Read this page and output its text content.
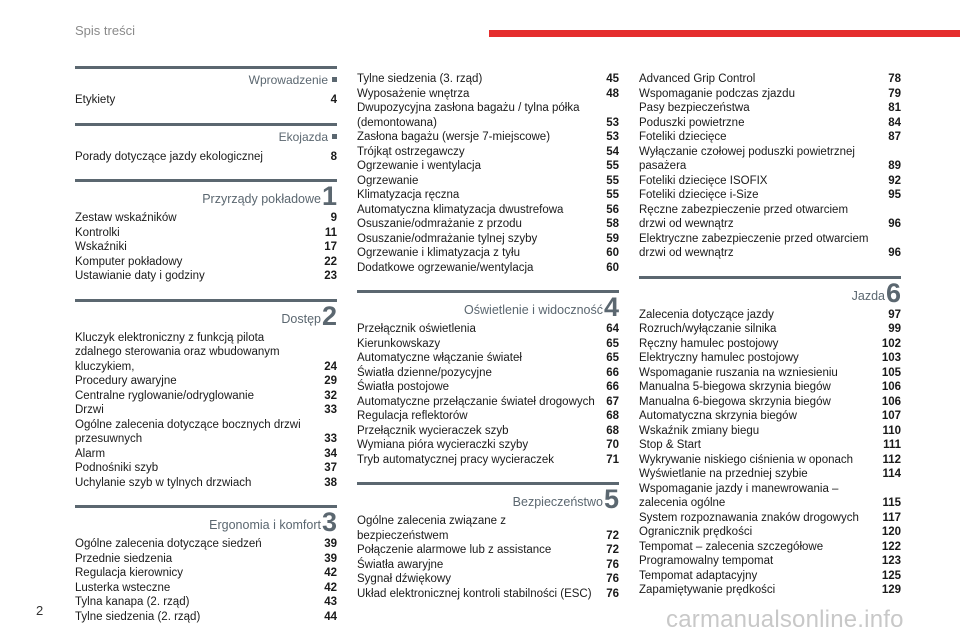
Spis treści
Wprowadzenie
Etykiety	4
Ekojazda
Porady dotyczące jazdy ekologicznej	8
Przyrządy pokładowe 1
Zestaw wskaźników	9
Kontrolki	11
Wskaźniki	17
Komputer pokładowy	22
Ustawianie daty i godziny	23
Dostęp 2
Kluczyk elektroniczny z funkcją pilota zdalnego sterowania oraz wbudowanym kluczykiem,	24
Procedury awaryjne	29
Centralne ryglowanie/odryglowanie	32
Drzwi	33
Ogólne zalecenia dotyczące bocznych drzwi przesuwnych	33
Alarm	34
Podnośniki szyb	37
Uchylanie szyb w tylnych drzwiach	38
Ergonomia i komfort 3
Ogólne zalecenia dotyczące siedzeń	39
Przednie siedzenia	39
Regulacja kierownicy	42
Lusterka wsteczne	42
Tylna kanapa (2. rząd)	43
Tylne siedzenia (2. rząd)	44
Tylne siedzenia (3. rząd)	45
Wyposażenie wnętrza	48
Dwupozycyjna zasłona bagażu / tylna półka (demontowana)	53
Zasłona bagażu (wersje 7-miejscowe)	53
Trójkąt ostrzegawczy	54
Ogrzewanie i wentylacja	55
Ogrzewanie	55
Klimatyzacja ręczna	55
Automatyczna klimatyzacja dwustrefowa	56
Osuszanie/odmrażanie z przodu	58
Osuszanie/odmrażanie tylnej szyby	59
Ogrzewanie i klimatyzacja z tyłu	60
Dodatkowe ogrzewanie/wentylacja	60
Oświetlenie i widoczność 4
Przełącznik oświetlenia	64
Kierunkowskazy	65
Automatyczne włączanie świateł	65
Światła dzienne/pozycyjne	66
Światła postojowe	66
Automatyczne przełączanie świateł drogowych 67
Regulacja reflektorów	68
Przełącznik wycieraczek szyb	68
Wymiana pióra wycieraczki szyby	70
Tryb automatycznej pracy wycieraczek	71
Bezpieczeństwo 5
Ogólne zalecenia związane z bezpieczeństwem	72
Połączenie alarmowe lub z assistance	72
Światła awaryjne	76
Sygnał dźwiękowy	76
Układ elektronicznej kontroli stabilności (ESC)	76
Advanced Grip Control	78
Wspomaganie podczas zjazdu	79
Pasy bezpieczeństwa	81
Poduszki powietrzne	84
Foteliki dziecięce	87
Wyłączanie czołowej poduszki powietrznej pasażera	89
Foteliki dziecięce ISOFIX	92
Foteliki dziecięce i-Size	95
Ręczne zabezpieczenie przed otwarciem drzwi od wewnątrz	96
Elektryczne zabezpieczenie przed otwarciem drzwi od wewnątrz	96
Jazda 6
Zalecenia dotyczące jazdy	97
Rozruch/wyłączanie silnika	99
Ręczny hamulec postojowy	102
Elektryczny hamulec postojowy	103
Wspomaganie ruszania na wzniesieniu	105
Manualna 5-biegowa skrzynia biegów	106
Manualna 6-biegowa skrzynia biegów	106
Automatyczna skrzynia biegów	107
Wskaźnik zmiany biegu	110
Stop & Start	111
Wykrywanie niskiego ciśnienia w oponach	112
Wyświetlanie na przedniej szybie	114
Wspomaganie jazdy i manewrowania – zalecenia ogólne	115
System rozpoznawania znaków drogowych	117
Ogranicznik prędkości	120
Tempomat – zalecenia szczegółowe	122
Programowalny tempomat	123
Tempomat adaptacyjny	125
Zapamiętywanie prędkości	129
2	carmanualsonline.info
